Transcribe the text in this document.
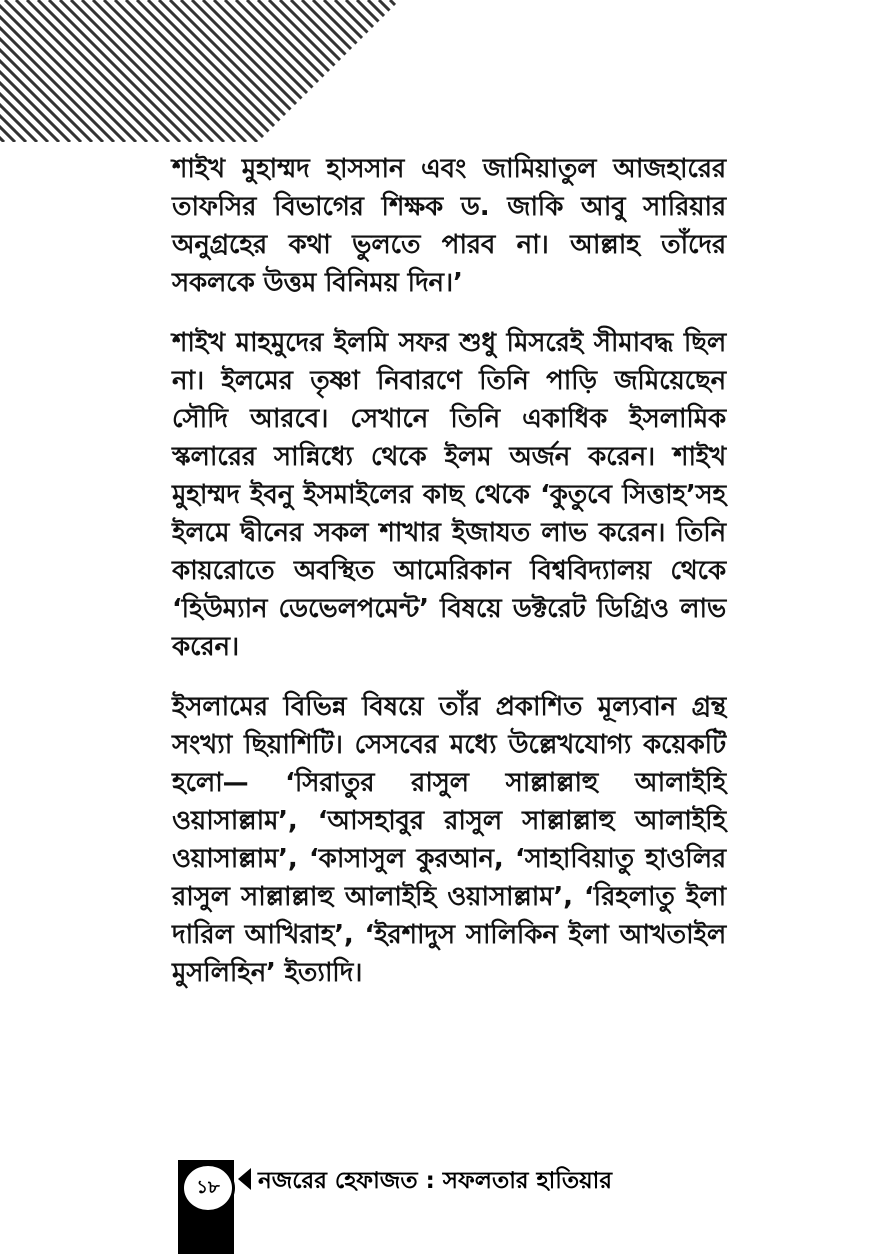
শাইখ মুহাম্মদ হাসসান এবং জামিয়াতুল আজহারের তাফসির বিভাগের শিক্ষক ড. জাকি আবু সারিয়ার অনুগ্রহের কথা ভুলতে পারব না। আল্লাহ তাঁদের সকলকে উত্তম বিনিময় দিন।’

শাইখ মাহমুদের ইলমি সফর শুধু মিসরেই সীমাবদ্ধ ছিল না। ইলমের তৃষ্ণা নিবারণে তিনি পাড়ি জমিয়েছেন সৌদি আরবে। সেখানে তিনি একাধিক ইসলামিক স্কলারের সান্নিধ্যে থেকে ইলম অর্জন করেন। শাইখ মুহাম্মদ ইবনু ইসমাইলের কাছ থেকে ‘কুতুবে সিত্তাহ’সহ ইলমে দ্বীনের সকল শাখার ইজাযত লাভ করেন। তিনি কায়রোতে অবস্থিত আমেরিকান বিশ্ববিদ্যালয় থেকে ‘হিউম্যান ডেভেলপমেন্ট’ বিষয়ে ডক্টরেট ডিগ্রিও লাভ করেন।

ইসলামের বিভিন্ন বিষয়ে তাঁর প্রকাশিত মূল্যবান গ্রন্থ সংখ্যা ছিয়াশিটি। সেসবের মধ্যে উল্লেখযোগ্য কয়েকটি হলো— ‘সিরাতুর রাসুল সাল্লাল্লাহু আলাইহি ওয়াসাল্লাম’, ‘আসহাবুর রাসুল সাল্লাল্লাহু আলাইহি ওয়াসাল্লাম’, ‘কাসাসুল কুরআন, ‘সাহাবিয়াতু হাওলির রাসুল সাল্লাল্লাহু আলাইহি ওয়াসাল্লাম’, ‘রিহলাতু ইলা দারিল আখিরাহ’, ‘ইরশাদুস সালিকিন ইলা আখতাইল মুসলিহিন’ ইত্যাদি।

১৮	নজরের হেফাজত : সফলতার হাতিয়ার
